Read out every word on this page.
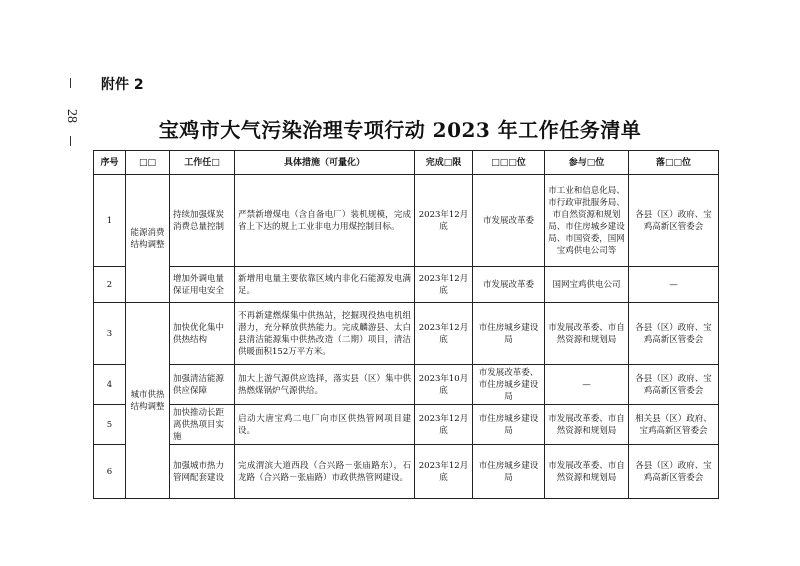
28
附件 2
宝鸡市大气污染治理专项行动 2023 年工作任务清单
序号	□□	工作任□	具体措施（可量化）	完成□限	□□□位	参与□位	落□□位
1	能源消费结构调整	持续加强煤炭消费总量控制	严禁新增煤电（含自备电厂）装机规模，完成省上下达的规上工业非电力用煤控制目标。	2023年12月底	市发展改革委	市工业和信息化局、市行政审批服务局、市自然资源和规划局、市住房城乡建设局、市国资委，国网宝鸡供电公司等	各县（区）政府、宝鸡高新区管委会
2		增加外调电量保证用电安全	新增用电量主要依靠区域内非化石能源发电满足。	2023年12月底	市发展改革委	国网宝鸡供电公司	—
3	城市供热结构调整	加快优化集中供热结构	不再新建燃煤集中供热站，挖掘现役热电机组潜力，充分释放供热能力。完成麟游县、太白县清洁能源集中供热改造（二期）项目，清洁供暖面积152万平方米。	2023年12月底	市住房城乡建设局	市发展改革委、市自然资源和规划局	各县（区）政府、宝鸡高新区管委会
4		加强清洁能源供应保障	加大上游气源供应选择，落实县（区）集中供热燃煤锅炉气源供给。	2023年10月底	市发展改革委、市住房城乡建设局	—	各县（区）政府、宝鸡高新区管委会
5		加快推动长距离供热项目实施	启动大唐宝鸡二电厂向市区供热管网项目建设。	2023年12月底	市住房城乡建设局	市发展改革委、市自然资源和规划局	相关县（区）政府、宝鸡高新区管委会
6		加强城市热力管网配套建设	完成渭滨大道西段（合兴路－张庙路东），石龙路（合兴路－张庙路）市政供热管网建设。	2023年12月底	市住房城乡建设局	市发展改革委、市自然资源和规划局	各县（区）政府、宝鸡高新区管委会
